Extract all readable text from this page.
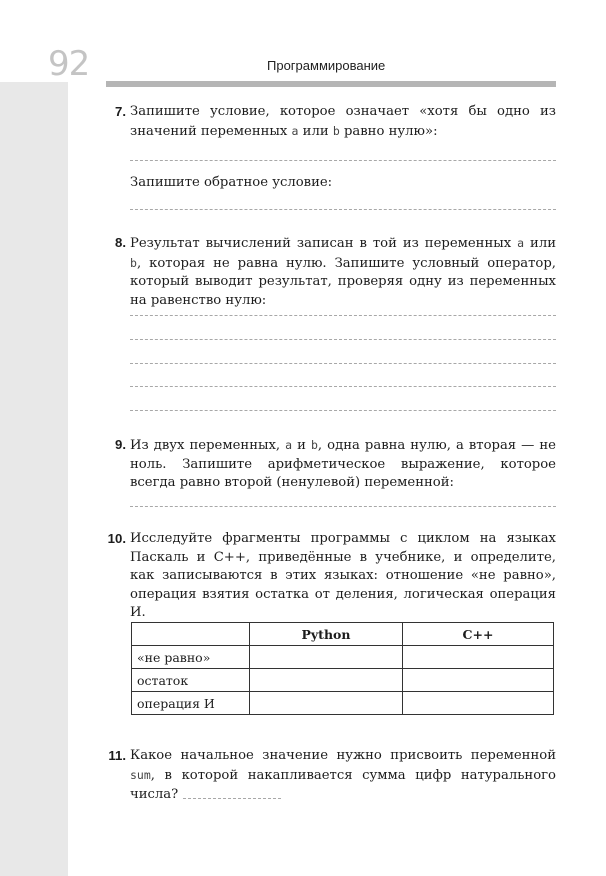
92	Программирование
7. Запишите условие, которое означает «хотя бы одно из значений переменных a или b равно нулю»:
Запишите обратное условие:
8. Результат вычислений записан в той из переменных a или b, которая не равна нулю. Запишите условный оператор, который выводит результат, проверяя одну из переменных на равенство нулю:
9. Из двух переменных, a и b, одна равна нулю, а вторая — не ноль. Запишите арифметическое выражение, которое всегда равно второй (ненулевой) переменной:
10. Исследуйте фрагменты программы с циклом на языках Паскаль и С++, приведённые в учебнике, и определите, как записываются в этих языках: отношение «не равно», операция взятия остатка от деления, логическая операция И.
	Python	C++
«не равно»		
остаток		
операция И		
11. Какое начальное значение нужно присвоить переменной sum, в которой накапливается сумма цифр натурального числа?
